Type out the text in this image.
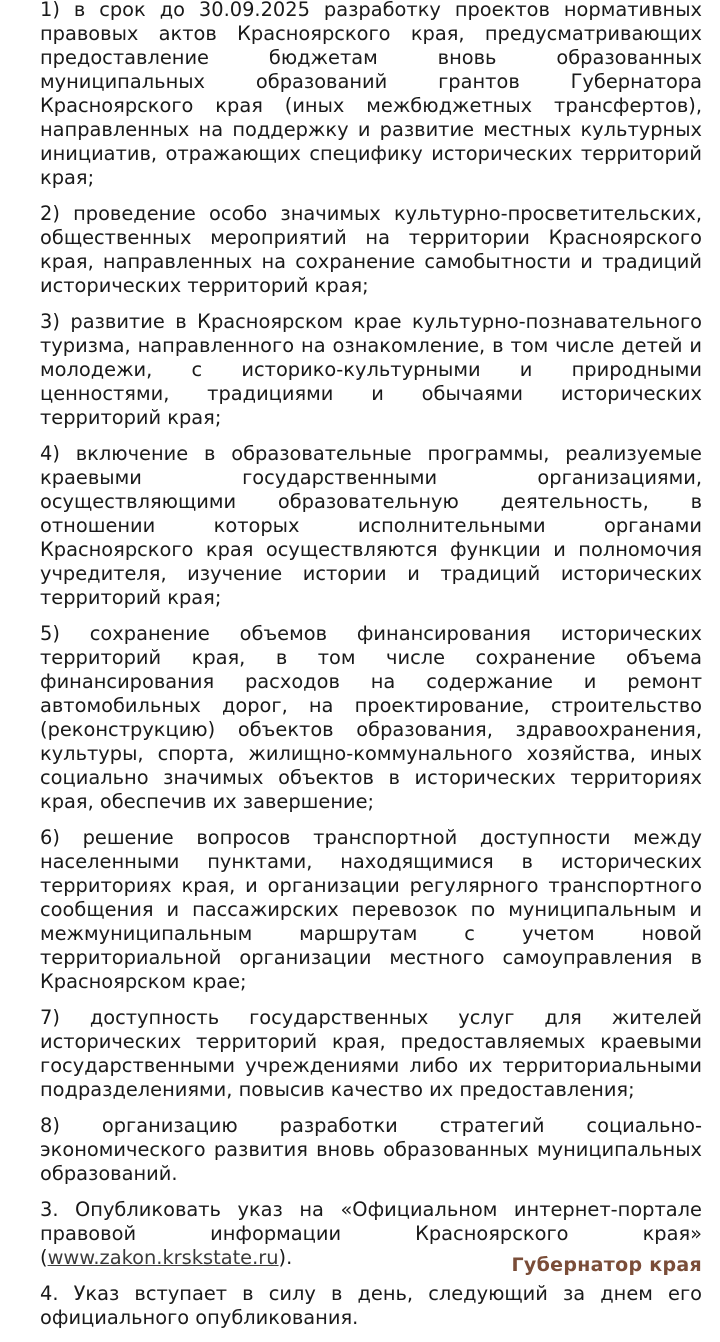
1) в срок до 30.09.2025 разработку проектов нормативных правовых актов Красноярского края, предусматривающих предоставление бюджетам вновь образованных муниципальных образований грантов Губернатора Красноярского края (иных межбюджетных трансфертов), направленных на поддержку и развитие местных культурных инициатив, отражающих специфику исторических территорий края;

2) проведение особо значимых культурно-просветительских, общественных мероприятий на территории Красноярского края, направленных на сохранение самобытности и традиций исторических территорий края;

3) развитие в Красноярском крае культурно-познавательного туризма, направленного на ознакомление, в том числе детей и молодежи, с историко-культурными и природными ценностями, традициями и обычаями исторических территорий края;

4) включение в образовательные программы, реализуемые краевыми государственными организациями, осуществляющими образовательную деятельность, в отношении которых исполнительными органами Красноярского края осуществляются функции и полномочия учредителя, изучение истории и традиций исторических территорий края;

5) сохранение объемов финансирования исторических территорий края, в том числе сохранение объема финансирования расходов на содержание и ремонт автомобильных дорог, на проектирование, строительство (реконструкцию) объектов образования, здравоохранения, культуры, спорта, жилищно-коммунального хозяйства, иных социально значимых объектов в исторических территориях края, обеспечив их завершение;

6) решение вопросов транспортной доступности между населенными пунктами, находящимися в исторических территориях края, и организации регулярного транспортного сообщения и пассажирских перевозок по муниципальным и межмуниципальным маршрутам с учетом новой территориальной организации местного самоуправления в Красноярском крае;

7) доступность государственных услуг для жителей исторических территорий края, предоставляемых краевыми государственными учреждениями либо их территориальными подразделениями, повысив качество их предоставления;

8) организацию разработки стратегий социально-экономического развития вновь образованных муниципальных образований.

3. Опубликовать указ на «Официальном интернет-портале правовой информации Красноярского края» (www.zakon.krskstate.ru).

4. Указ вступает в силу в день, следующий за днем его официального опубликования.

Губернатор края
